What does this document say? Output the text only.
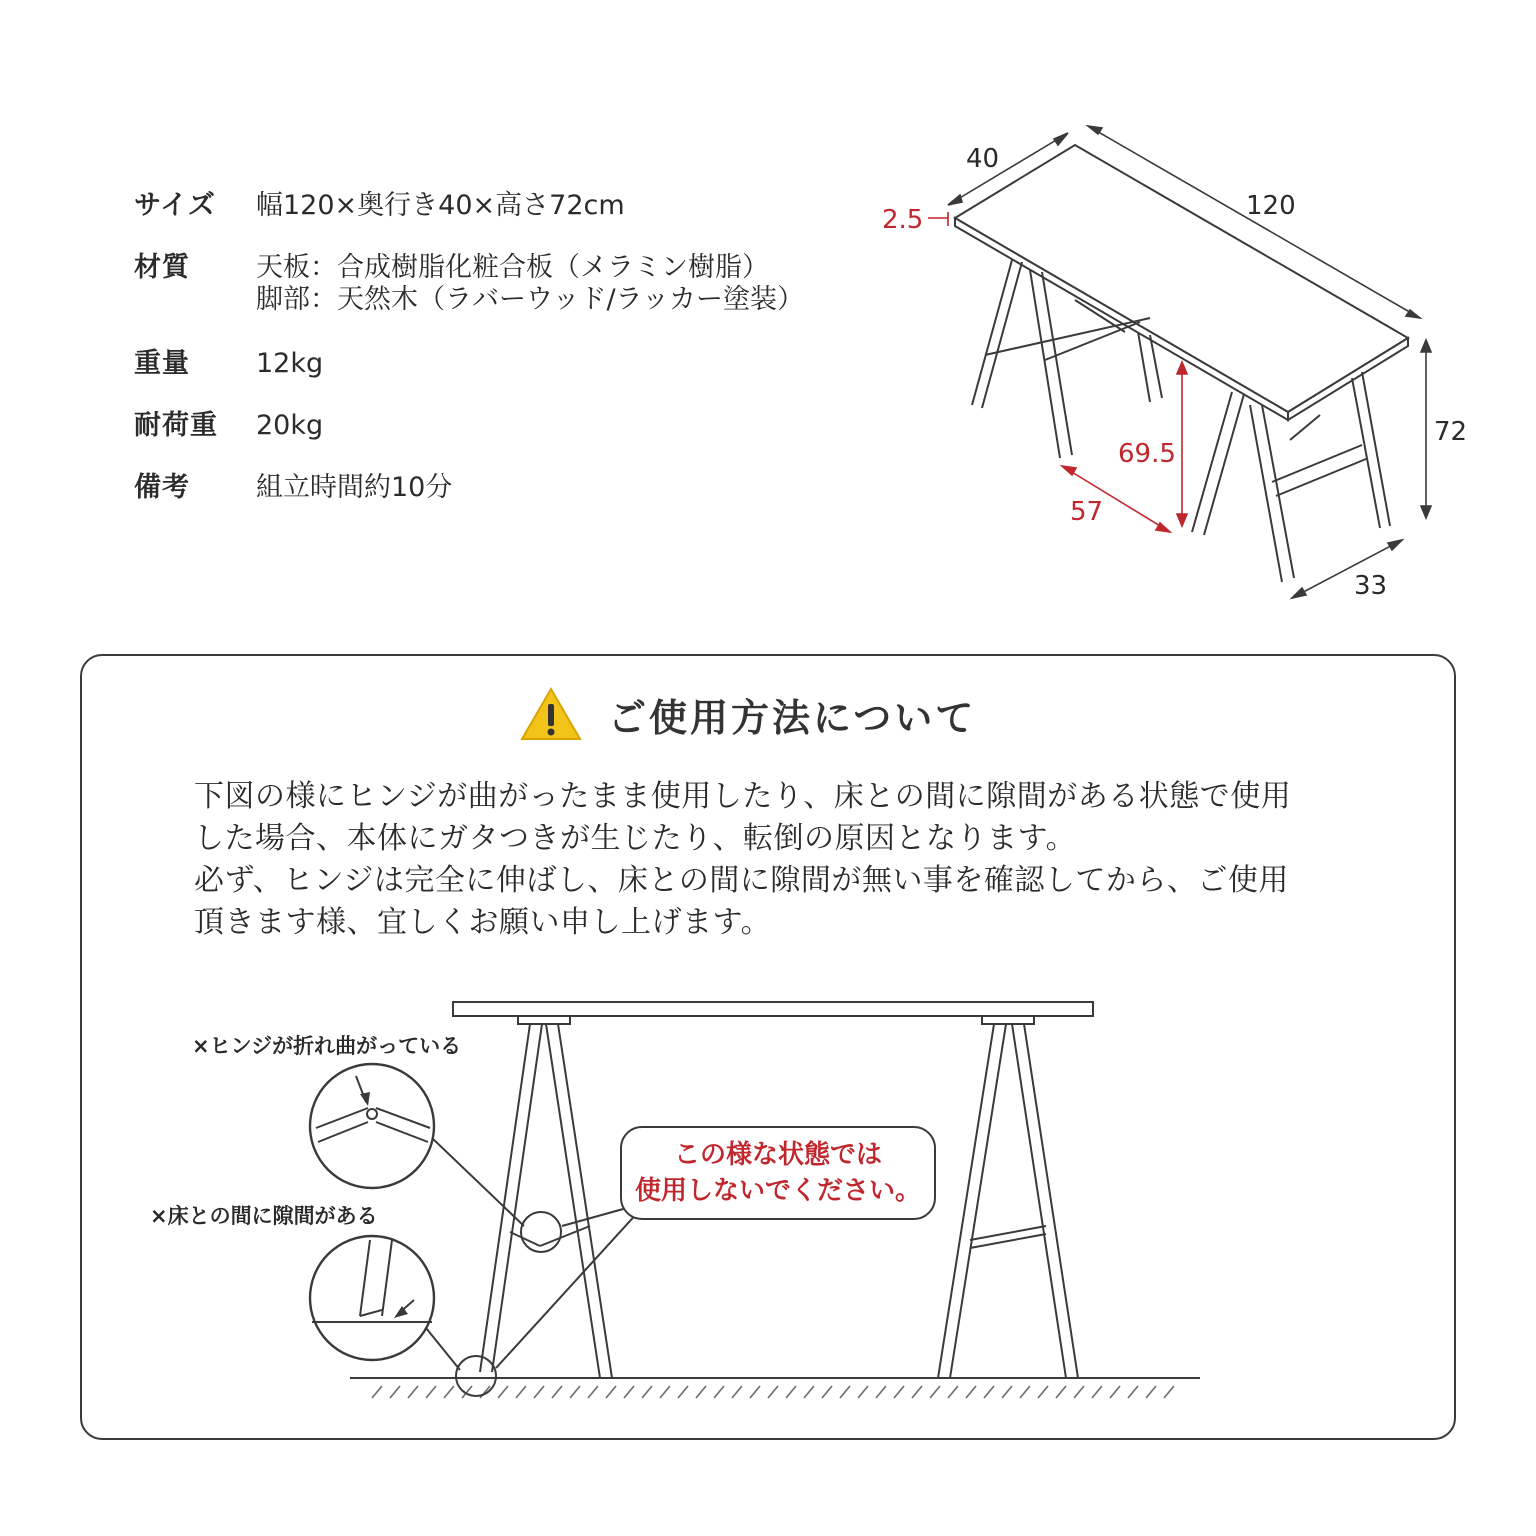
サイズ	幅120×奥行き40×高さ72cm
材質	天板：合成樹脂化粧合板（メラミン樹脂）
脚部：天然木（ラバーウッド/ラッカー塗装）
重量	12kg
耐荷重	20kg
備考	組立時間約10分
40
120
2.5
72
69.5
57
33
ご使用方法について
下図の様にヒンジが曲がったまま使用したり、床との間に隙間がある状態で使用
した場合、本体にガタつきが生じたり、転倒の原因となります。
必ず、ヒンジは完全に伸ばし、床との間に隙間が無い事を確認してから、ご使用
頂きます様、宜しくお願い申し上げます。
×ヒンジが折れ曲がっている
×床との間に隙間がある
この様な状態では
使用しないでください。
